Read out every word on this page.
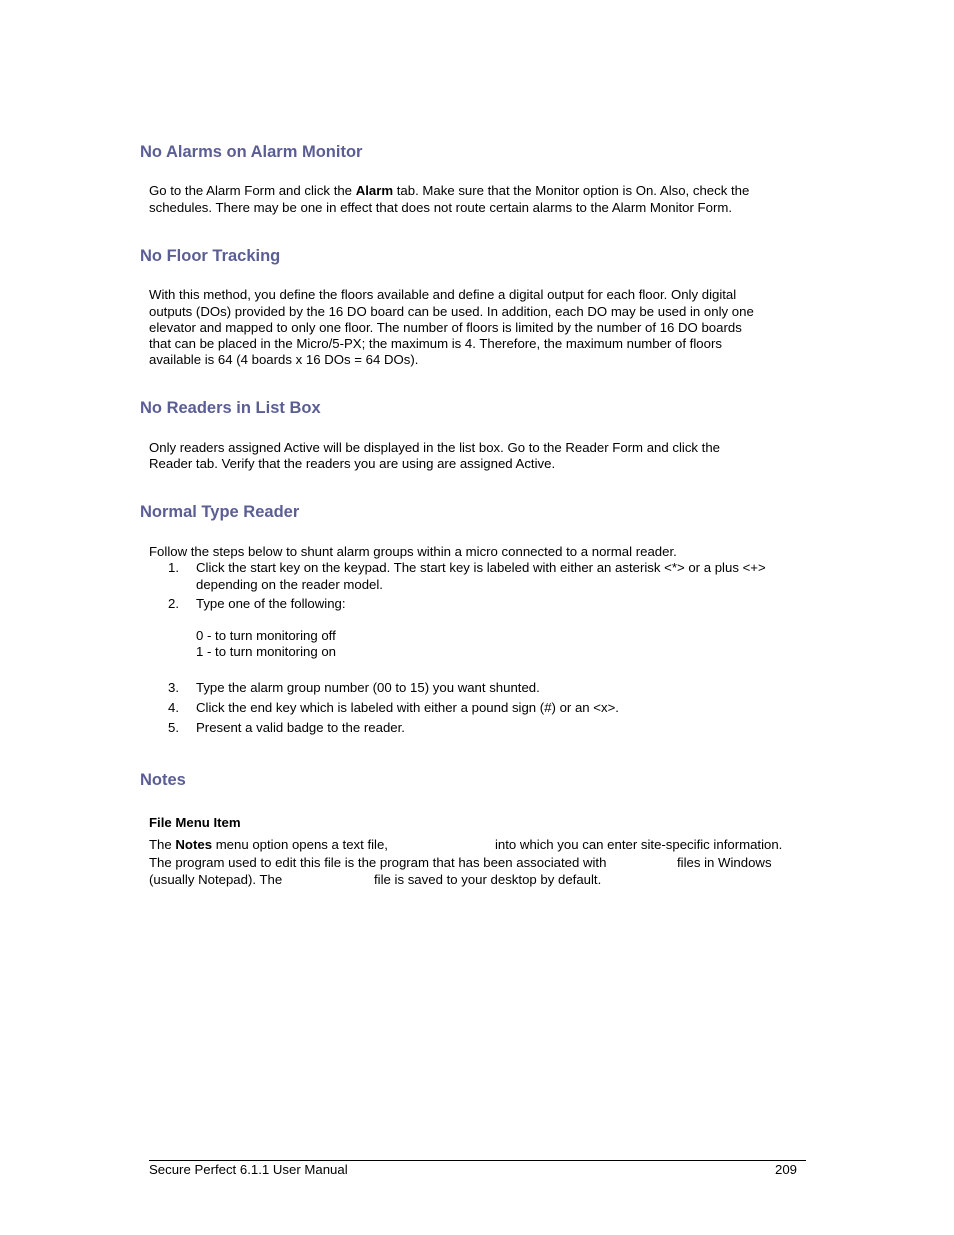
No Alarms on Alarm Monitor

Go to the Alarm Form and click the Alarm tab. Make sure that the Monitor option is On. Also, check the

schedules. There may be one in effect that does not route certain alarms to the Alarm Monitor Form.

No Floor Tracking

With this method, you define the floors available and define a digital output for each floor. Only digital

outputs (DOs) provided by the 16 DO board can be used. In addition, each DO may be used in only one

elevator and mapped to only one floor. The number of floors is limited by the number of 16 DO boards

that can be placed in the Micro/5-PX; the maximum is 4. Therefore, the maximum number of floors

available is 64 (4 boards x 16 DOs = 64 DOs).

No Readers in List Box

Only readers assigned Active will be displayed in the list box. Go to the Reader Form and click the

Reader tab. Verify that the readers you are using are assigned Active.

Normal Type Reader

Follow the steps below to shunt alarm groups within a micro connected to a normal reader.

1. Click the start key on the keypad. The start key is labeled with either an asterisk <*> or a plus <+>
depending on the reader model.
2. Type one of the following:
0 - to turn monitoring off
1 - to turn monitoring on
3. Type the alarm group number (00 to 15) you want shunted.
4. Click the end key which is labeled with either a pound sign (#) or an <x>.
5. Present a valid badge to the reader.
Notes
File Menu Item

The Notes menu option opens a text file,	into which you can enter site-specific information.

The program used to edit this file is the program that has been associated with	files in Windows

(usually Notepad). The	file is saved to your desktop by default.

Secure Perfect 6.1.1 User Manual	209
